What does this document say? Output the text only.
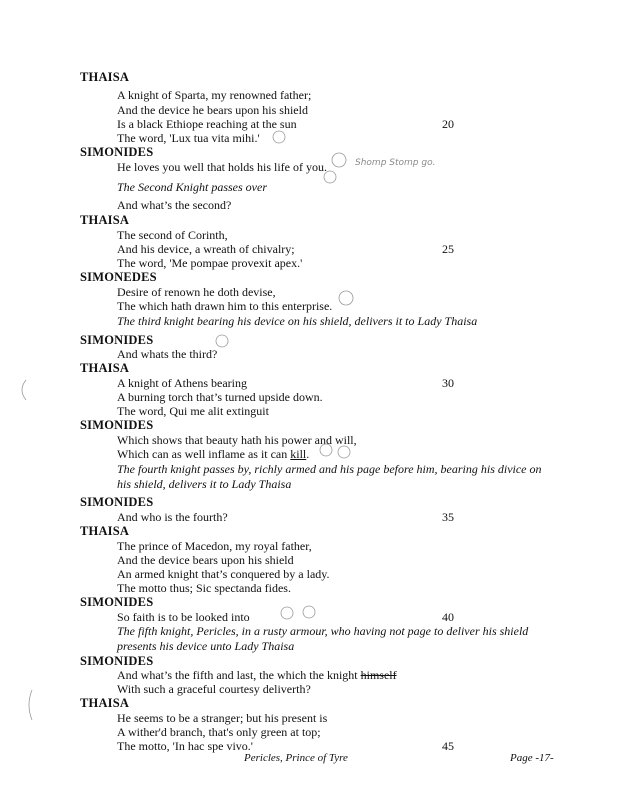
THAISA
A knight of Sparta, my renowned father;
And the device he bears upon his shield
Is a black Ethiope reaching at the sun	20
The word, 'Lux tua vita mihi.'
SIMONIDES
He loves you well that holds his life of you.
The Second Knight passes over
And what’s the second?
THAISA
The second of Corinth,
And his device, a wreath of chivalry;	25
The word, 'Me pompae provexit apex.'
SIMONEDES
Desire of renown he doth devise,
The which hath drawn him to this enterprise.
The third knight bearing his device on his shield, delivers it to Lady Thaisa
SIMONIDES
And whats the third?
THAISA
A knight of Athens bearing	30
A burning torch that’s turned upside down.
The word, Qui me alit extinguit
SIMONIDES
Which shows that beauty hath his power and will,
Which can as well inflame as it can kill.
The fourth knight passes by, richly armed and his page before him, bearing his divice on
his shield, delivers it to Lady Thaisa
SIMONIDES
And who is the fourth?	35
THAISA
The prince of Macedon, my royal father,
And the device bears upon his shield
An armed knight that’s conquered by a lady.
The motto thus; Sic spectanda fides.
SIMONIDES
So faith is to be looked into	40
The fifth knight, Pericles, in a rusty armour, who having not page to deliver his shield
presents his device unto Lady Thaisa
SIMONIDES
And what’s the fifth and last, the which the knight himself
With such a graceful courtesy deliverth?
THAISA
He seems to be a stranger; but his present is
A wither'd branch, that's only green at top;
The motto, 'In hac spe vivo.'	45
Shomp Stomp go.
Pericles, Prince of Tyre	Page -17-
